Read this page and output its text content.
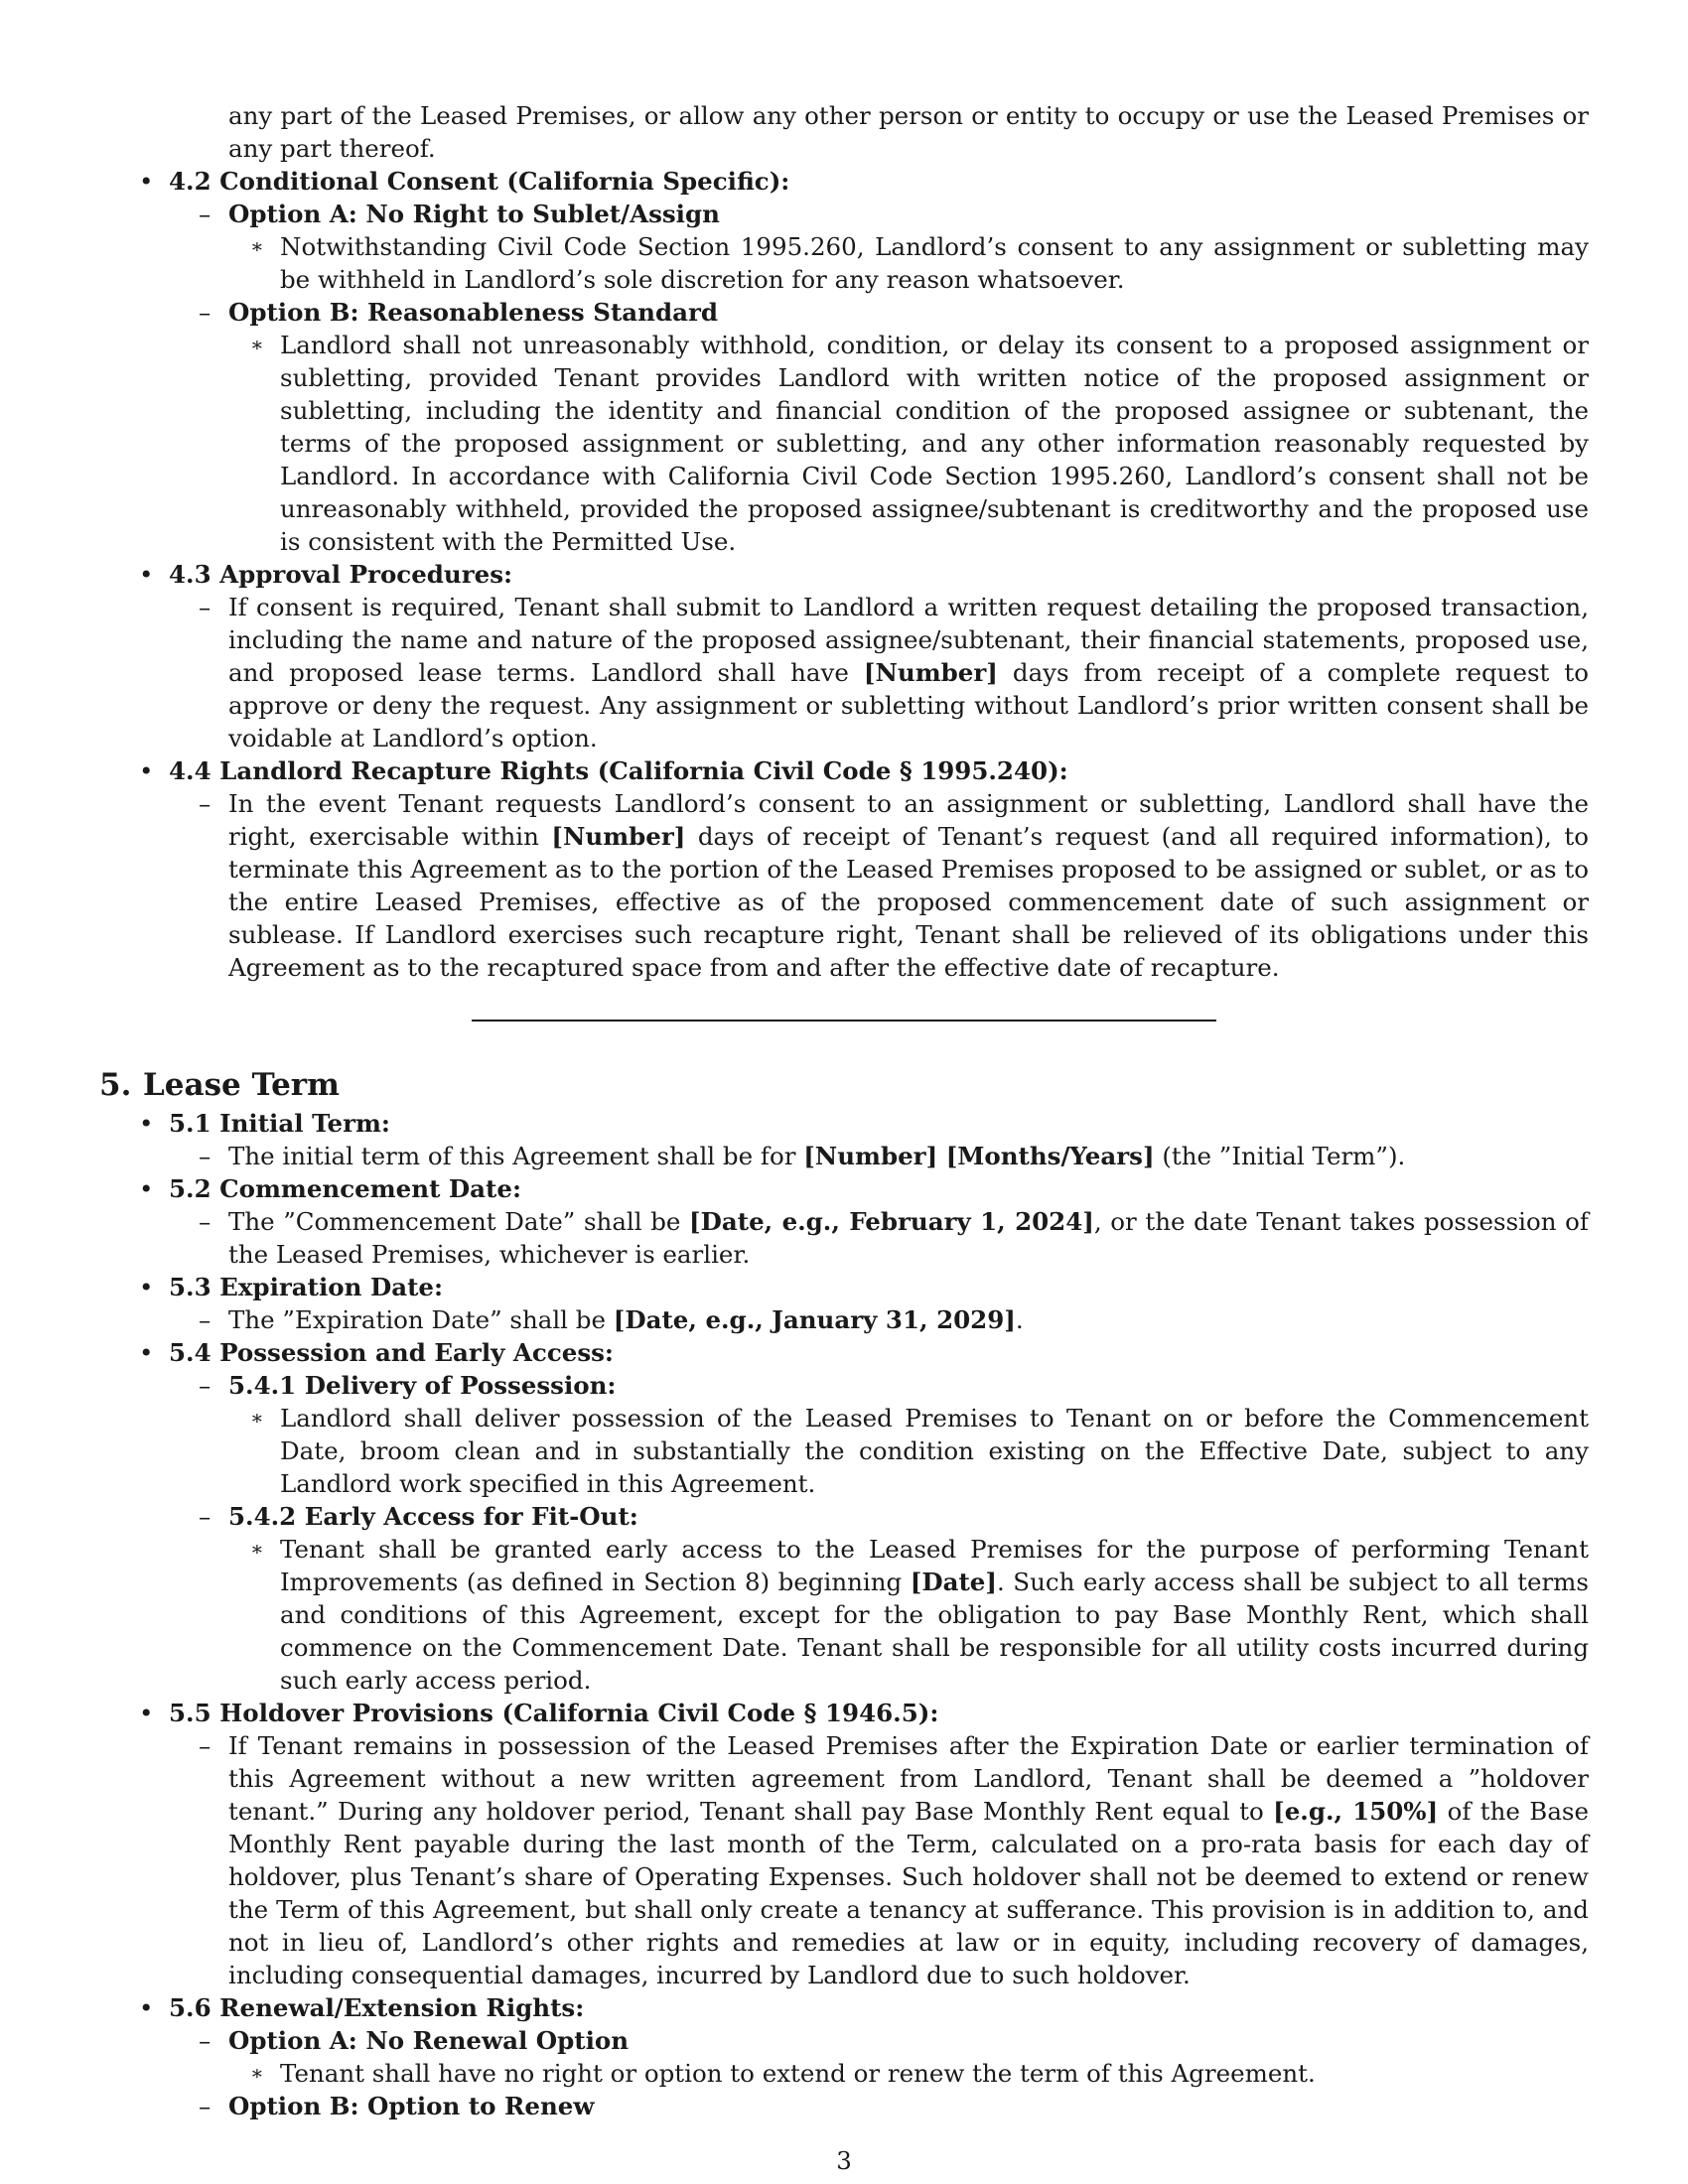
any part of the Leased Premises, or allow any other person or entity to occupy or use the Leased Premises or any part thereof.
• 4.2 Conditional Consent (California Specific):
– Option A: No Right to Sublet/Assign
∗ Notwithstanding Civil Code Section 1995.260, Landlord’s consent to any assignment or subletting may be withheld in Landlord’s sole discretion for any reason whatsoever.
– Option B: Reasonableness Standard
∗ Landlord shall not unreasonably withhold, condition, or delay its consent to a proposed assignment or subletting, provided Tenant provides Landlord with written notice of the proposed assignment or subletting, including the identity and financial condition of the proposed assignee or subtenant, the terms of the proposed assignment or subletting, and any other information reasonably requested by Landlord. In accordance with California Civil Code Section 1995.260, Landlord’s consent shall not be unreasonably withheld, provided the proposed assignee/subtenant is creditworthy and the proposed use is consistent with the Permitted Use.
• 4.3 Approval Procedures:
– If consent is required, Tenant shall submit to Landlord a written request detailing the proposed transaction, including the name and nature of the proposed assignee/subtenant, their financial statements, proposed use, and proposed lease terms. Landlord shall have [Number] days from receipt of a complete request to approve or deny the request. Any assignment or subletting without Landlord’s prior written consent shall be voidable at Landlord’s option.
• 4.4 Landlord Recapture Rights (California Civil Code § 1995.240):
– In the event Tenant requests Landlord’s consent to an assignment or subletting, Landlord shall have the right, exercisable within [Number] days of receipt of Tenant’s request (and all required information), to terminate this Agreement as to the portion of the Leased Premises proposed to be assigned or sublet, or as to the entire Leased Premises, effective as of the proposed commencement date of such assignment or sublease. If Landlord exercises such recapture right, Tenant shall be relieved of its obligations under this Agreement as to the recaptured space from and after the effective date of recapture.
5. Lease Term
• 5.1 Initial Term:
– The initial term of this Agreement shall be for [Number] [Months/Years] (the ”Initial Term”).
• 5.2 Commencement Date:
– The ”Commencement Date” shall be [Date, e.g., February 1, 2024], or the date Tenant takes possession of the Leased Premises, whichever is earlier.
• 5.3 Expiration Date:
– The ”Expiration Date” shall be [Date, e.g., January 31, 2029].
• 5.4 Possession and Early Access:
– 5.4.1 Delivery of Possession:
∗ Landlord shall deliver possession of the Leased Premises to Tenant on or before the Commencement Date, broom clean and in substantially the condition existing on the Effective Date, subject to any Landlord work specified in this Agreement.
– 5.4.2 Early Access for Fit-Out:
∗ Tenant shall be granted early access to the Leased Premises for the purpose of performing Tenant Improvements (as defined in Section 8) beginning [Date]. Such early access shall be subject to all terms and conditions of this Agreement, except for the obligation to pay Base Monthly Rent, which shall commence on the Commencement Date. Tenant shall be responsible for all utility costs incurred during such early access period.
• 5.5 Holdover Provisions (California Civil Code § 1946.5):
– If Tenant remains in possession of the Leased Premises after the Expiration Date or earlier termination of this Agreement without a new written agreement from Landlord, Tenant shall be deemed a ”holdover tenant.” During any holdover period, Tenant shall pay Base Monthly Rent equal to [e.g., 150%] of the Base Monthly Rent payable during the last month of the Term, calculated on a pro-rata basis for each day of holdover, plus Tenant’s share of Operating Expenses. Such holdover shall not be deemed to extend or renew the Term of this Agreement, but shall only create a tenancy at sufferance. This provision is in addition to, and not in lieu of, Landlord’s other rights and remedies at law or in equity, including recovery of damages, including consequential damages, incurred by Landlord due to such holdover.
• 5.6 Renewal/Extension Rights:
– Option A: No Renewal Option
∗ Tenant shall have no right or option to extend or renew the term of this Agreement.
– Option B: Option to Renew
3
